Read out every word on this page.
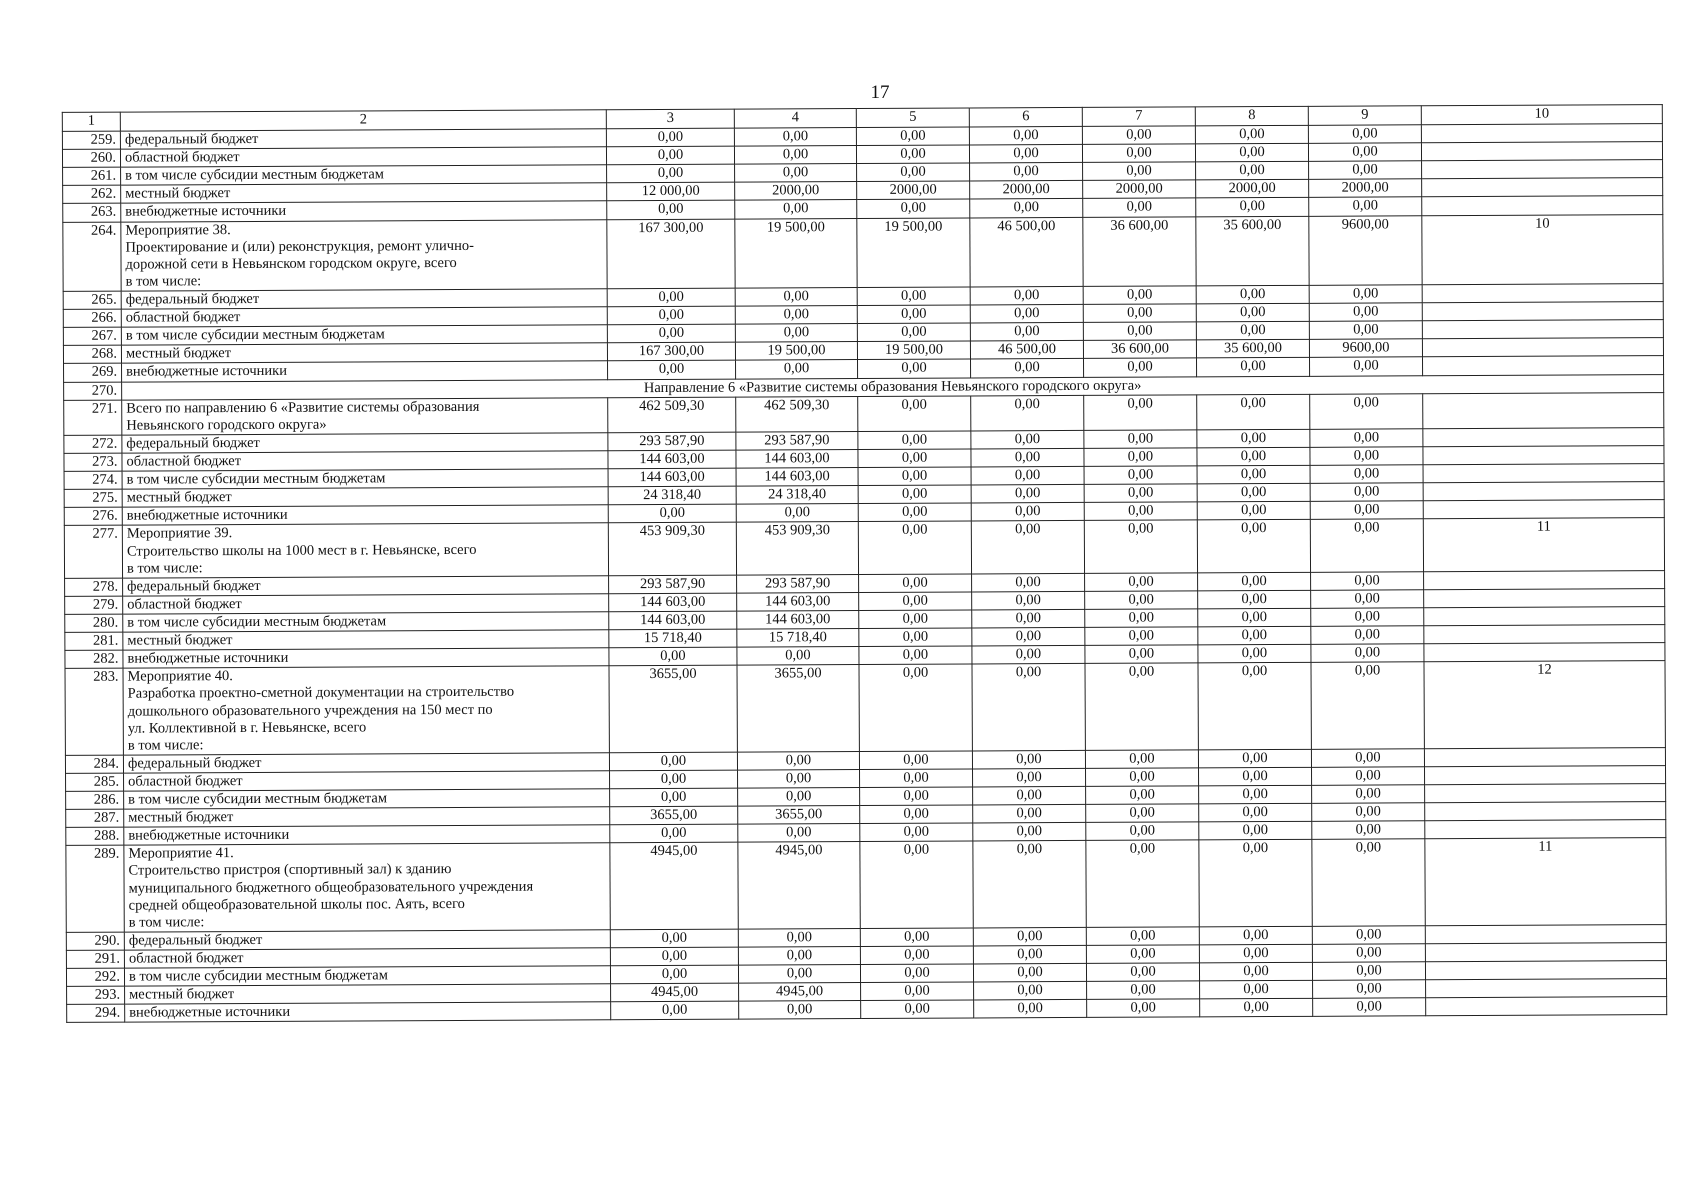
17
1	2	3	4	5	6	7	8	9	10
259.	федеральный бюджет	0,00	0,00	0,00	0,00	0,00	0,00	0,00	
260.	областной бюджет	0,00	0,00	0,00	0,00	0,00	0,00	0,00	
261.	в том числе субсидии местным бюджетам	0,00	0,00	0,00	0,00	0,00	0,00	0,00	
262.	местный бюджет	12 000,00	2000,00	2000,00	2000,00	2000,00	2000,00	2000,00	
263.	внебюджетные источники	0,00	0,00	0,00	0,00	0,00	0,00	0,00	
264.	Мероприятие 38.
Проектирование и (или) реконструкция, ремонт улично-
дорожной сети в Невьянском городском округе, всего
в том числе:	167 300,00	19 500,00	19 500,00	46 500,00	36 600,00	35 600,00	9600,00	10
265.	федеральный бюджет	0,00	0,00	0,00	0,00	0,00	0,00	0,00	
266.	областной бюджет	0,00	0,00	0,00	0,00	0,00	0,00	0,00	
267.	в том числе субсидии местным бюджетам	0,00	0,00	0,00	0,00	0,00	0,00	0,00	
268.	местный бюджет	167 300,00	19 500,00	19 500,00	46 500,00	36 600,00	35 600,00	9600,00	
269.	внебюджетные источники	0,00	0,00	0,00	0,00	0,00	0,00	0,00	
270.	Направление 6 «Развитие системы образования Невьянского городского округа»								
271.	Всего по направлению 6 «Развитие системы образования
Невьянского городского округа»	462 509,30	462 509,30	0,00	0,00	0,00	0,00	0,00	
272.	федеральный бюджет	293 587,90	293 587,90	0,00	0,00	0,00	0,00	0,00	
273.	областной бюджет	144 603,00	144 603,00	0,00	0,00	0,00	0,00	0,00	
274.	в том числе субсидии местным бюджетам	144 603,00	144 603,00	0,00	0,00	0,00	0,00	0,00	
275.	местный бюджет	24 318,40	24 318,40	0,00	0,00	0,00	0,00	0,00	
276.	внебюджетные источники	0,00	0,00	0,00	0,00	0,00	0,00	0,00	
277.	Мероприятие 39.
Строительство школы на 1000 мест в г. Невьянске, всего
в том числе:	453 909,30	453 909,30	0,00	0,00	0,00	0,00	0,00	11
278.	федеральный бюджет	293 587,90	293 587,90	0,00	0,00	0,00	0,00	0,00	
279.	областной бюджет	144 603,00	144 603,00	0,00	0,00	0,00	0,00	0,00	
280.	в том числе субсидии местным бюджетам	144 603,00	144 603,00	0,00	0,00	0,00	0,00	0,00	
281.	местный бюджет	15 718,40	15 718,40	0,00	0,00	0,00	0,00	0,00	
282.	внебюджетные источники	0,00	0,00	0,00	0,00	0,00	0,00	0,00	
283.	Мероприятие 40.
Разработка проектно-сметной документации на строительство
дошкольного образовательного учреждения на 150 мест по
ул. Коллективной в г. Невьянске, всего
в том числе:	3655,00	3655,00	0,00	0,00	0,00	0,00	0,00	12
284.	федеральный бюджет	0,00	0,00	0,00	0,00	0,00	0,00	0,00	
285.	областной бюджет	0,00	0,00	0,00	0,00	0,00	0,00	0,00	
286.	в том числе субсидии местным бюджетам	0,00	0,00	0,00	0,00	0,00	0,00	0,00	
287.	местный бюджет	3655,00	3655,00	0,00	0,00	0,00	0,00	0,00	
288.	внебюджетные источники	0,00	0,00	0,00	0,00	0,00	0,00	0,00	
289.	Мероприятие 41.
Строительство пристроя (спортивный зал) к зданию
муниципального бюджетного общеобразовательного учреждения
средней общеобразовательной школы пос. Аять, всего
в том числе:	4945,00	4945,00	0,00	0,00	0,00	0,00	0,00	11
290.	федеральный бюджет	0,00	0,00	0,00	0,00	0,00	0,00	0,00	
291.	областной бюджет	0,00	0,00	0,00	0,00	0,00	0,00	0,00	
292.	в том числе субсидии местным бюджетам	0,00	0,00	0,00	0,00	0,00	0,00	0,00	
293.	местный бюджет	4945,00	4945,00	0,00	0,00	0,00	0,00	0,00	
294.	внебюджетные источники	0,00	0,00	0,00	0,00	0,00	0,00	0,00	
